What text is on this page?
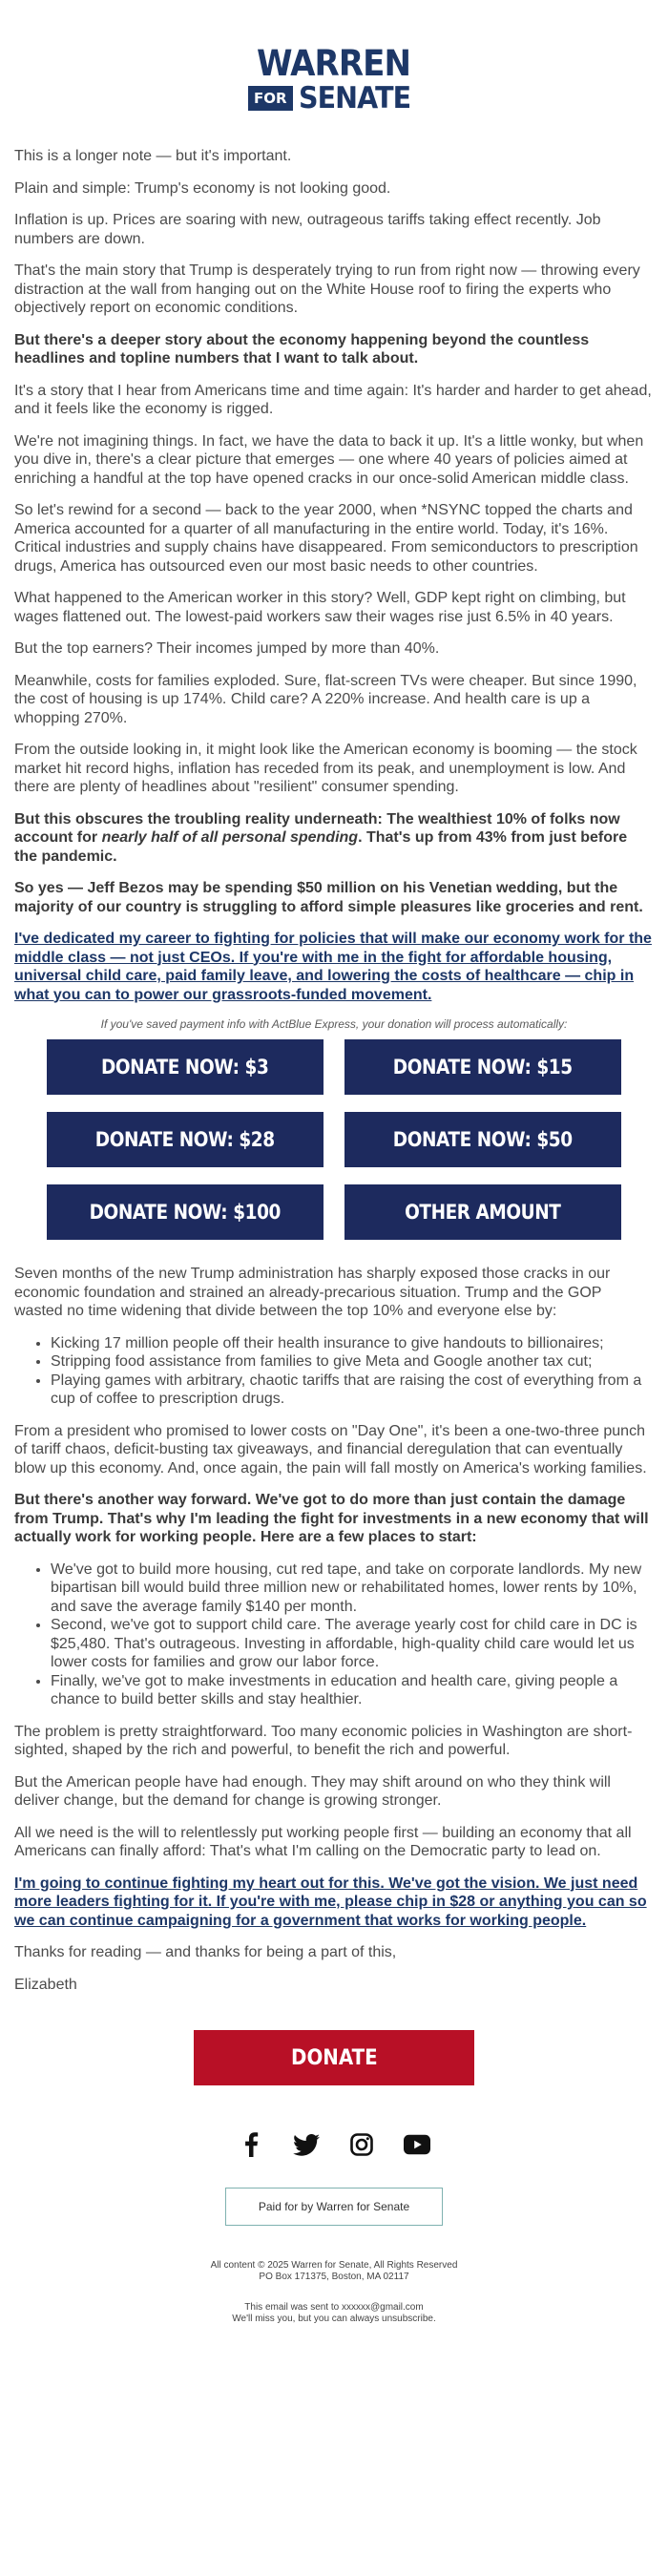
WARREN
FOR SENATE

This is a longer note — but it's important.

Plain and simple: Trump's economy is not looking good.

Inflation is up. Prices are soaring with new, outrageous tariffs taking effect recently. Job numbers are down.

That's the main story that Trump is desperately trying to run from right now — throwing every distraction at the wall from hanging out on the White House roof to firing the experts who objectively report on economic conditions.

But there's a deeper story about the economy happening beyond the countless headlines and topline numbers that I want to talk about.

It's a story that I hear from Americans time and time again: It's harder and harder to get ahead, and it feels like the economy is rigged.

We're not imagining things. In fact, we have the data to back it up. It's a little wonky, but when you dive in, there's a clear picture that emerges — one where 40 years of policies aimed at enriching a handful at the top have opened cracks in our once-solid American middle class.

So let's rewind for a second — back to the year 2000, when *NSYNC topped the charts and America accounted for a quarter of all manufacturing in the entire world. Today, it's 16%. Critical industries and supply chains have disappeared. From semiconductors to prescription drugs, America has outsourced even our most basic needs to other countries.

What happened to the American worker in this story? Well, GDP kept right on climbing, but wages flattened out. The lowest-paid workers saw their wages rise just 6.5% in 40 years.

But the top earners? Their incomes jumped by more than 40%.

Meanwhile, costs for families exploded. Sure, flat-screen TVs were cheaper. But since 1990, the cost of housing is up 174%. Child care? A 220% increase. And health care is up a whopping 270%.

From the outside looking in, it might look like the American economy is booming — the stock market hit record highs, inflation has receded from its peak, and unemployment is low. And there are plenty of headlines about "resilient" consumer spending.

But this obscures the troubling reality underneath: The wealthiest 10% of folks now account for nearly half of all personal spending. That's up from 43% from just before the pandemic.

So yes — Jeff Bezos may be spending $50 million on his Venetian wedding, but the majority of our country is struggling to afford simple pleasures like groceries and rent.

I've dedicated my career to fighting for policies that will make our economy work for the middle class — not just CEOs. If you're with me in the fight for affordable housing, universal child care, paid family leave, and lowering the costs of healthcare — chip in what you can to power our grassroots-funded movement.

If you've saved payment info with ActBlue Express, your donation will process automatically:
DONATE NOW: $3	DONATE NOW: $15
DONATE NOW: $28	DONATE NOW: $50
DONATE NOW: $100	OTHER AMOUNT

Seven months of the new Trump administration has sharply exposed those cracks in our economic foundation and strained an already-precarious situation. Trump and the GOP wasted no time widening that divide between the top 10% and everyone else by:

• Kicking 17 million people off their health insurance to give handouts to billionaires;
• Stripping food assistance from families to give Meta and Google another tax cut;
• Playing games with arbitrary, chaotic tariffs that are raising the cost of everything from a cup of coffee to prescription drugs.

From a president who promised to lower costs on "Day One", it's been a one-two-three punch of tariff chaos, deficit-busting tax giveaways, and financial deregulation that can eventually blow up this economy. And, once again, the pain will fall mostly on America's working families.

But there's another way forward. We've got to do more than just contain the damage from Trump. That's why I'm leading the fight for investments in a new economy that will actually work for working people. Here are a few places to start:

• We've got to build more housing, cut red tape, and take on corporate landlords. My new bipartisan bill would build three million new or rehabilitated homes, lower rents by 10%, and save the average family $140 per month.
• Second, we've got to support child care. The average yearly cost for child care in DC is $25,480. That's outrageous. Investing in affordable, high-quality child care would let us lower costs for families and grow our labor force.
• Finally, we've got to make investments in education and health care, giving people a chance to build better skills and stay healthier.

The problem is pretty straightforward. Too many economic policies in Washington are short-sighted, shaped by the rich and powerful, to benefit the rich and powerful.

But the American people have had enough. They may shift around on who they think will deliver change, but the demand for change is growing stronger.

All we need is the will to relentlessly put working people first — building an economy that all Americans can finally afford: That's what I'm calling on the Democratic party to lead on.

I'm going to continue fighting my heart out for this. We've got the vision. We just need more leaders fighting for it. If you're with me, please chip in $28 or anything you can so we can continue campaigning for a government that works for working people.

Thanks for reading — and thanks for being a part of this,

Elizabeth

DONATE
Paid for by Warren for Senate
All content © 2025 Warren for Senate, All Rights Reserved
PO Box 171375, Boston, MA 02117
This email was sent to xxxxxx@gmail.com
We'll miss you, but you can always unsubscribe.
